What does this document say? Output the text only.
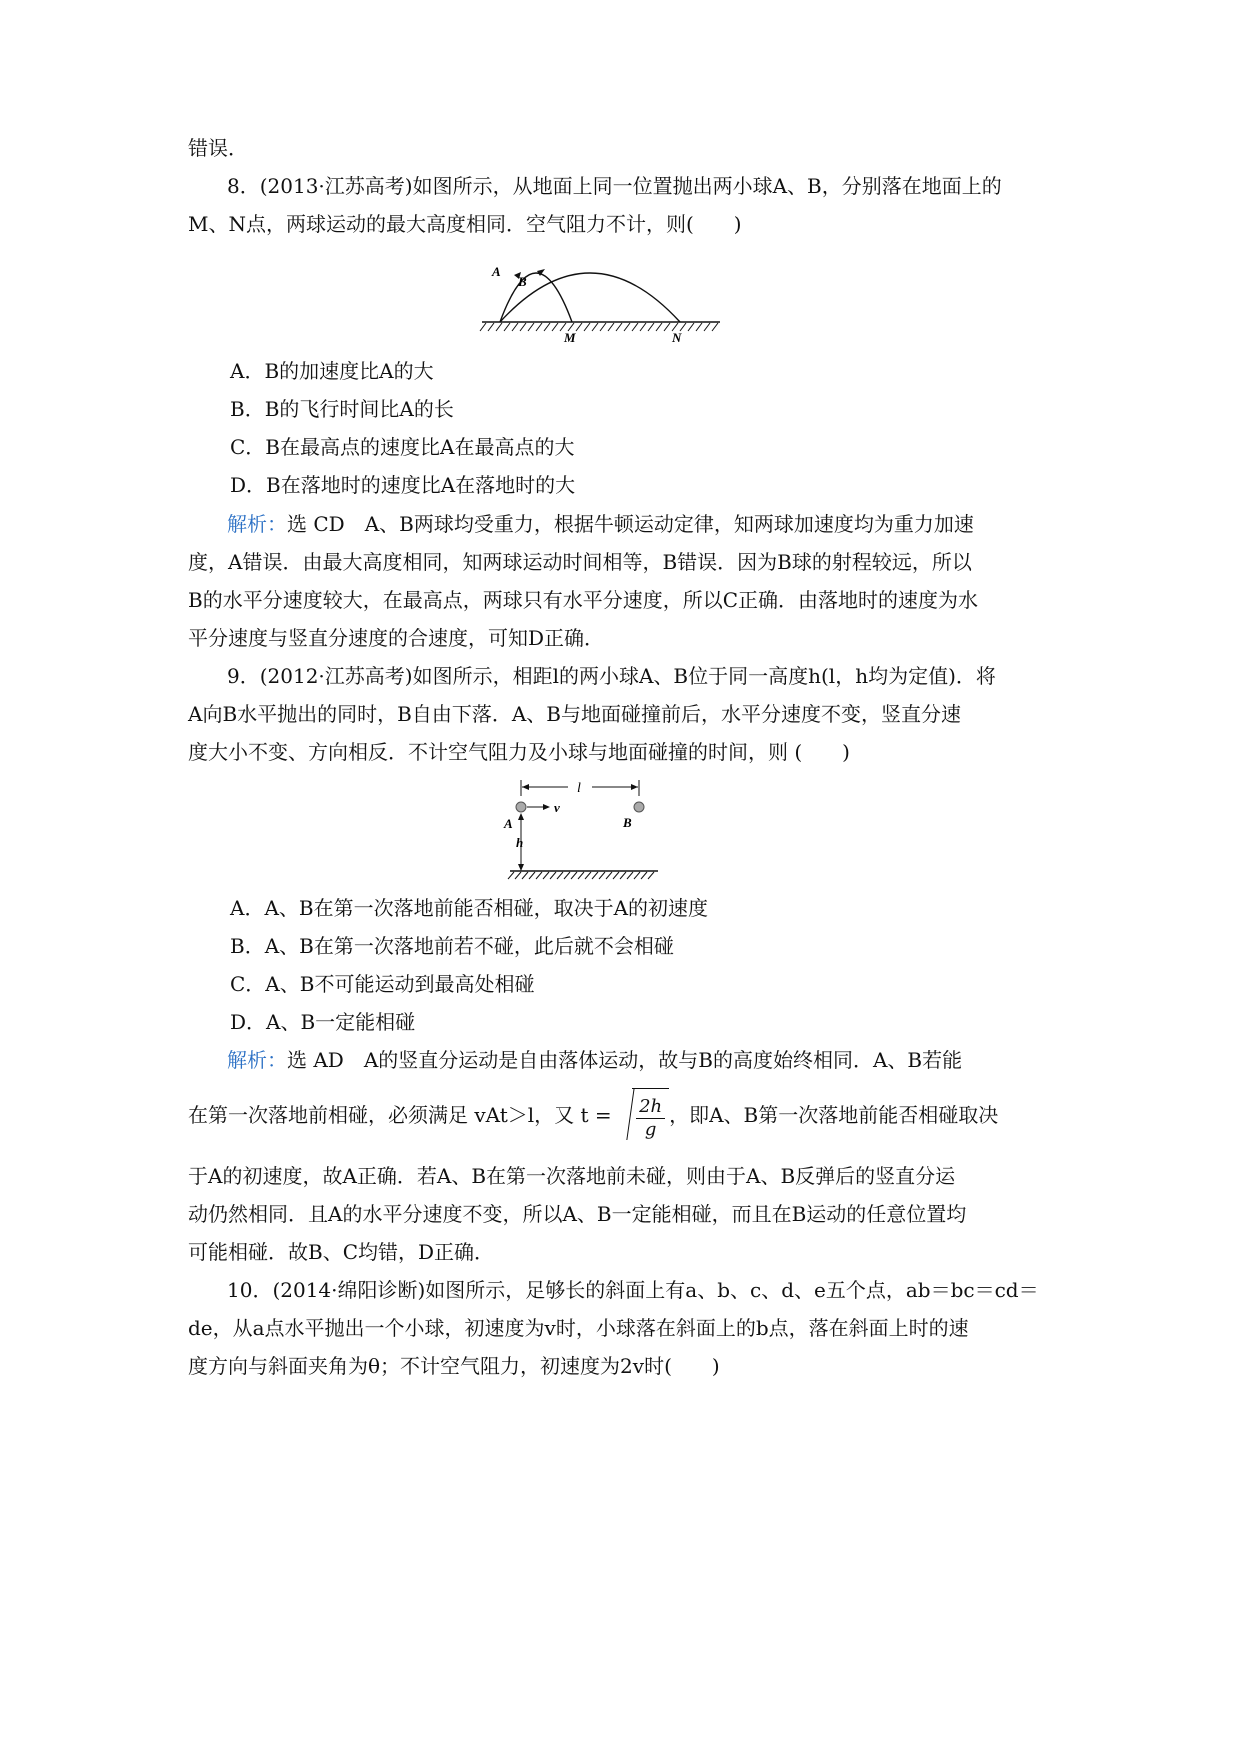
错误．
8．(2013·江苏高考)如图所示，从地面上同一位置抛出两小球A、B，分别落在地面上的
M、N点，两球运动的最大高度相同．空气阻力不计，则(　　)
A
B
M	N
A．B的加速度比A的大
B．B的飞行时间比A的长
C．B在最高点的速度比A在最高点的大
D．B在落地时的速度比A在落地时的大
解析：选 CD　A、B两球均受重力，根据牛顿运动定律，知两球加速度均为重力加速
度，A错误．由最大高度相同，知两球运动时间相等，B错误．因为B球的射程较远，所以
B的水平分速度较大，在最高点，两球只有水平分速度，所以C正确．由落地时的速度为水
平分速度与竖直分速度的合速度，可知D正确．
9．(2012·江苏高考)如图所示，相距l的两小球A、B位于同一高度h(l，h均为定值)．将
A向B水平抛出的同时，B自由下落．A、B与地面碰撞前后，水平分速度不变，竖直分速
度大小不变、方向相反．不计空气阻力及小球与地面碰撞的时间，则 (　　)
l
v
A	B
h
A．A、B在第一次落地前能否相碰，取决于A的初速度
B．A、B在第一次落地前若不碰，此后就不会相碰
C．A、B不可能运动到最高处相碰
D．A、B一定能相碰
解析：选 AD　A的竖直分运动是自由落体运动，故与B的高度始终相同．A、B若能
在第一次落地前相碰，必须满足 vAt＞l，又 $t = \frac{2h}{g}$ ，即A、B第一次落地前能否相碰取决
于A的初速度，故A正确．若A、B在第一次落地前未碰，则由于A、B反弹后的竖直分运
动仍然相同．且A的水平分速度不变，所以A、B一定能相碰，而且在B运动的任意位置均
可能相碰．故B、C均错，D正确．
10．(2014·绵阳诊断)如图所示，足够长的斜面上有a、b、c、d、e五个点，ab＝bc＝cd＝
de，从a点水平抛出一个小球，初速度为v时，小球落在斜面上的b点，落在斜面上时的速
度方向与斜面夹角为θ；不计空气阻力，初速度为2v时(　　)
